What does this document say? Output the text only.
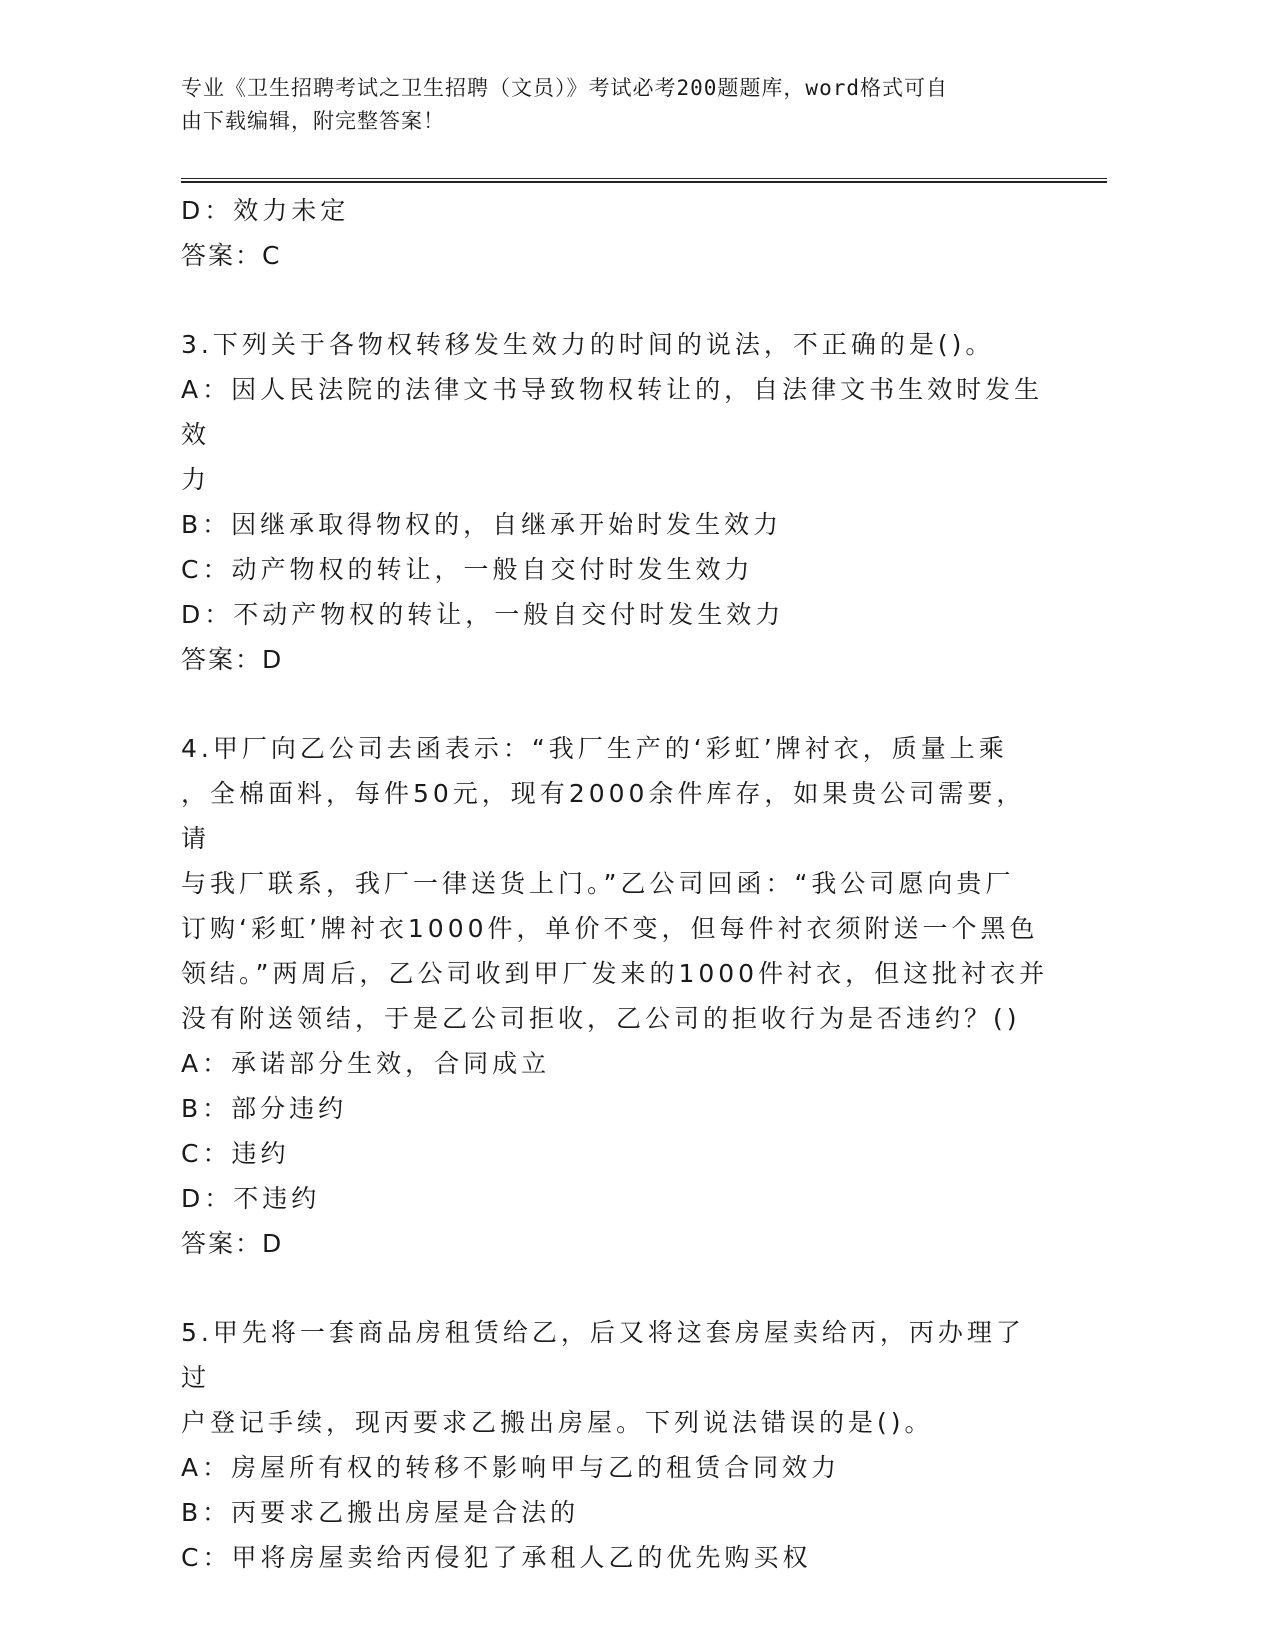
专业《卫生招聘考试之卫生招聘（文员）》考试必考200题题库，word格式可自
由下载编辑，附完整答案！
D：效力未定
答案：C
3.下列关于各物权转移发生效力的时间的说法，不正确的是()。
A：因人民法院的法律文书导致物权转让的，自法律文书生效时发生效
力
B：因继承取得物权的，自继承开始时发生效力
C：动产物权的转让，一般自交付时发生效力
D：不动产物权的转让，一般自交付时发生效力
答案：D
4.甲厂向乙公司去函表示：“我厂生产的‘彩虹’牌衬衣，质量上乘
，全棉面料，每件50元，现有2000余件库存，如果贵公司需要，请
与我厂联系，我厂一律送货上门。”乙公司回函：“我公司愿向贵厂
订购‘彩虹’牌衬衣1000件，单价不变，但每件衬衣须附送一个黑色
领结。”两周后，乙公司收到甲厂发来的1000件衬衣，但这批衬衣并
没有附送领结，于是乙公司拒收，乙公司的拒收行为是否违约？()
A：承诺部分生效，合同成立
B：部分违约
C：违约
D：不违约
答案：D
5.甲先将一套商品房租赁给乙，后又将这套房屋卖给丙，丙办理了过
户登记手续，现丙要求乙搬出房屋。下列说法错误的是()。
A：房屋所有权的转移不影响甲与乙的租赁合同效力
B：丙要求乙搬出房屋是合法的
C：甲将房屋卖给丙侵犯了承租人乙的优先购买权
